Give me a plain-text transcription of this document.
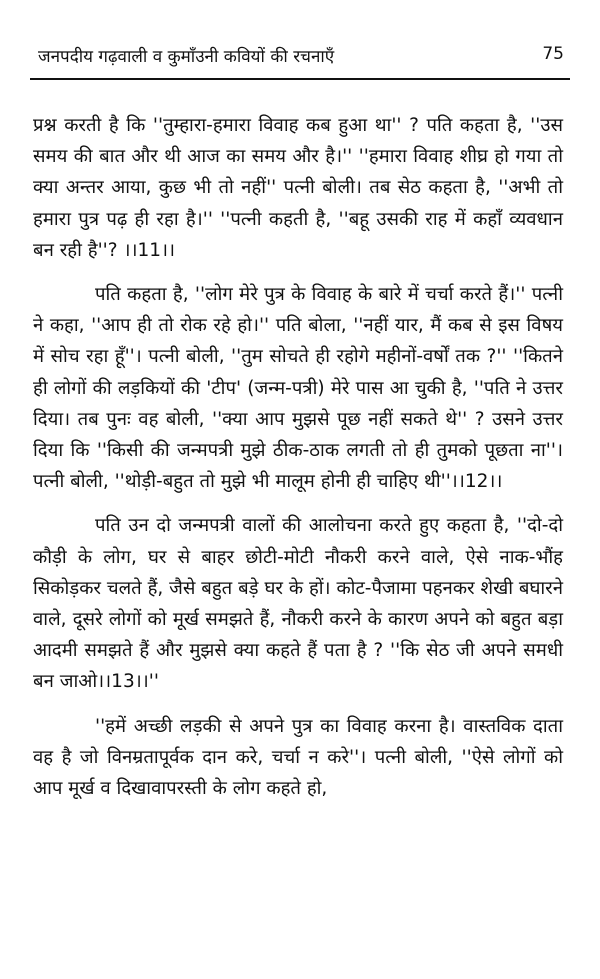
जनपदीय गढ़वाली व कुमाँउनी कवियों की रचनाएँ	75

प्रश्न करती है कि ''तुम्हारा-हमारा विवाह कब हुआ था'' ? पति कहता है, ''उस समय की बात और थी आज का समय और है।'' ''हमारा विवाह शीघ्र हो गया तो क्या अन्तर आया, कुछ भी तो नहीं'' पत्नी बोली। तब सेठ कहता है, ''अभी तो हमारा पुत्र पढ़ ही रहा है।'' ''पत्नी कहती है, ''बहू उसकी राह में कहाँ व्यवधान बन रही है''? ।।11।।

पति कहता है, ''लोग मेरे पुत्र के विवाह के बारे में चर्चा करते हैं।'' पत्नी ने कहा, ''आप ही तो रोक रहे हो।'' पति बोला, ''नहीं यार, मैं कब से इस विषय में सोच रहा हूँ''। पत्नी बोली, ''तुम सोचते ही रहोगे महीनों-वर्षों तक ?'' ''कितने ही लोगों की लड़कियों की 'टीप' (जन्म-पत्री) मेरे पास आ चुकी है, ''पति ने उत्तर दिया। तब पुनः वह बोली, ''क्या आप मुझसे पूछ नहीं सकते थे'' ? उसने उत्तर दिया कि ''किसी की जन्मपत्री मुझे ठीक-ठाक लगती तो ही तुमको पूछता ना''। पत्नी बोली, ''थोड़ी-बहुत तो मुझे भी मालूम होनी ही चाहिए थी''।।12।।

पति उन दो जन्मपत्री वालों की आलोचना करते हुए कहता है, ''दो-दो कौड़ी के लोग, घर से बाहर छोटी-मोटी नौकरी करने वाले, ऐसे नाक-भौंह सिकोड़कर चलते हैं, जैसे बहुत बड़े घर के हों। कोट-पैजामा पहनकर शेखी बघारने वाले, दूसरे लोगों को मूर्ख समझते हैं, नौकरी करने के कारण अपने को बहुत बड़ा आदमी समझते हैं और मुझसे क्या कहते हैं पता है ? ''कि सेठ जी अपने समधी बन जाओ।।13।।''

''हमें अच्छी लड़की से अपने पुत्र का विवाह करना है। वास्तविक दाता वह है जो विनम्रतापूर्वक दान करे, चर्चा न करे''। पत्नी बोली, ''ऐसे लोगों को आप मूर्ख व दिखावापरस्ती के लोग कहते हो,
